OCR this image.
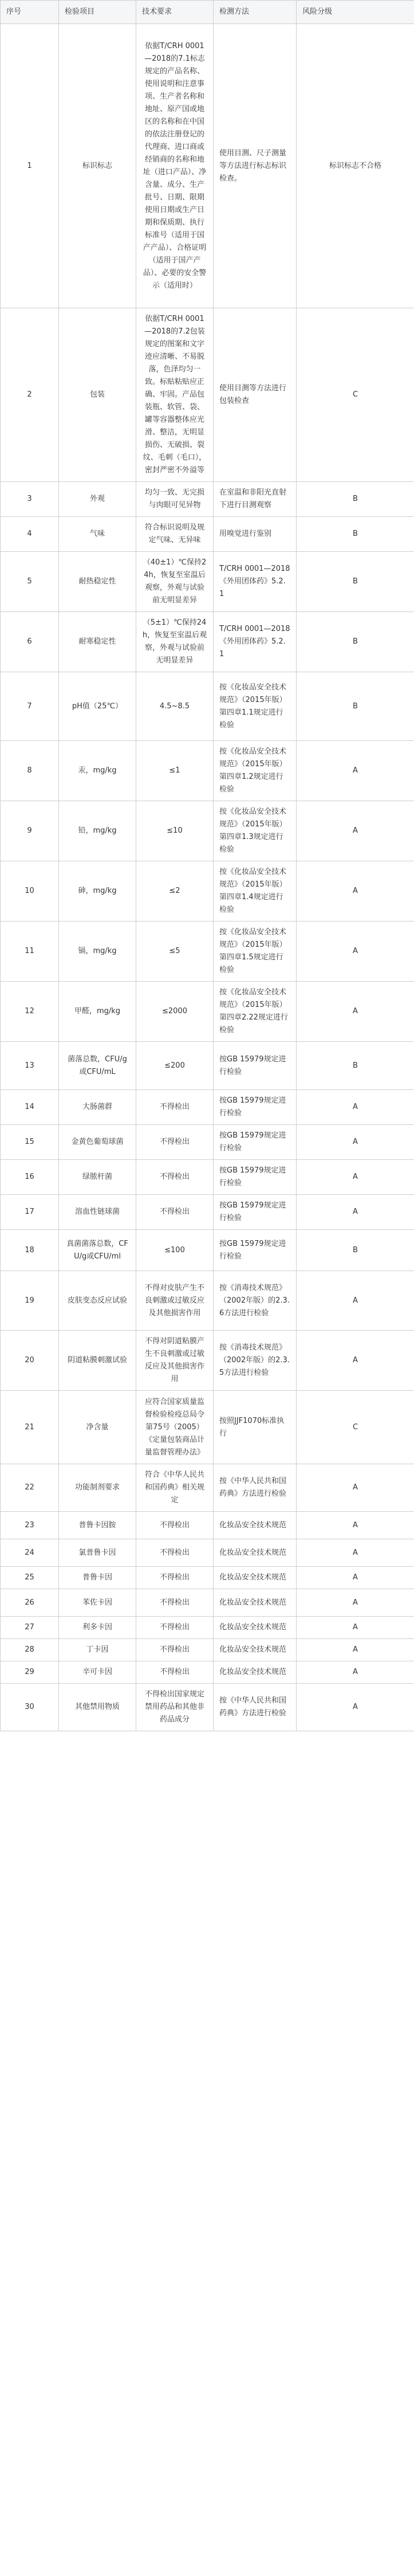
序号	检验项目	技术要求	检测方法	风险分级
1	标识标志	依据T/CRH 0001—2018的7.1标志规定的产品名称、使用说明和注意事项、生产者名称和地址、原产国或地区的名称和在中国的依法注册登记的代理商、进口商或经销商的名称和地址（进口产品）、净含量、成分、生产批号、日期、限期使用日期或生产日期和保质期、执行标准号（适用于国产产品）、合格证明（适用于国产产品）、必要的安全警示（适用时）	使用目测、尺子测量等方法进行标志标识检查。	标识标志不合格
2	包装	依据T/CRH 0001—2018的7.2包装规定的图案和文字迹应清晰、不易脱落，色泽均匀一致。标贴粘贴应正确、牢固。产品包装瓶、软管、袋、罐等容器整体应光滑、整洁，无明显损伤、无破损、裂纹、毛刺（毛口），密封严密不外溢等	使用目测等方法进行包装检查	C
3	外观	均匀一致、无完损与肉眼可见异物	在室温和非阳光直射下进行目测观察	B
4	气味	符合标识说明及规定气味、无异味	用嗅觉进行鉴别	B
5	耐热稳定性	（40±1）℃保持24h，恢复至室温后观察，外观与试验前无明显差异	T/CRH 0001—2018《外用团体药》5.2.1	B
6	耐寒稳定性	（5±1）℃保持24h，恢复至室温后观察，外观与试验前无明显差异	T/CRH 0001—2018《外用团体药》5.2.1	B
7	pH值（25℃）	4.5~8.5	按《化妆品安全技术规范》（2015年版）第四章1.1规定进行检验	B
8	汞，mg/kg	≤1	按《化妆品安全技术规范》（2015年版）第四章1.2规定进行检验	A
9	铅，mg/kg	≤10	按《化妆品安全技术规范》（2015年版）第四章1.3规定进行检验	A
10	砷，mg/kg	≤2	按《化妆品安全技术规范》（2015年版）第四章1.4规定进行检验	A
11	镉，mg/kg	≤5	按《化妆品安全技术规范》（2015年版）第四章1.5规定进行检验	A
12	甲醛，mg/kg	≤2000	按《化妆品安全技术规范》（2015年版）第四章2.22规定进行检验	A
13	菌落总数，CFU/g或CFU/mL	≤200	按GB 15979规定进行检验	B
14	大肠菌群	不得检出	按GB 15979规定进行检验	A
15	金黄色葡萄球菌	不得检出	按GB 15979规定进行检验	A
16	绿脓杆菌	不得检出	按GB 15979规定进行检验	A
17	溶血性链球菌	不得检出	按GB 15979规定进行检验	A
18	真菌菌落总数，CFU/g或CFU/ml	≤100	按GB 15979规定进行检验	B
19	皮肤变态反应试验	不得对皮肤产生不良刺激或过敏反应及其他损害作用	按《消毒技术规范》（2002年版）的2.3.6方法进行检验	A
20	阴道粘膜刺激试验	不得对阴道粘膜产生不良刺激或过敏反应及其他损害作用	按《消毒技术规范》（2002年版）的2.3.5方法进行检验	A
21	净含量	应符合国家质量监督检验检疫总局令第75号（2005）《定量包装商品计量监督管理办法》	按照JJF1070标准执行	C
22	功能制剂要求	符合《中华人民共和国药典》相关规定	按《中华人民共和国药典》方法进行检验	A
23	普鲁卡因胺	不得检出	化妆品安全技术规范	A
24	氯普鲁卡因	不得检出	化妆品安全技术规范	A
25	普鲁卡因	不得检出	化妆品安全技术规范	A
26	苯佐卡因	不得检出	化妆品安全技术规范	A
27	利多卡因	不得检出	化妆品安全技术规范	A
28	丁卡因	不得检出	化妆品安全技术规范	A
29	辛可卡因	不得检出	化妆品安全技术规范	A
30	其他禁用物质	不得检出国家规定禁用药品和其他非药品成分	按《中华人民共和国药典》方法进行检验	A
